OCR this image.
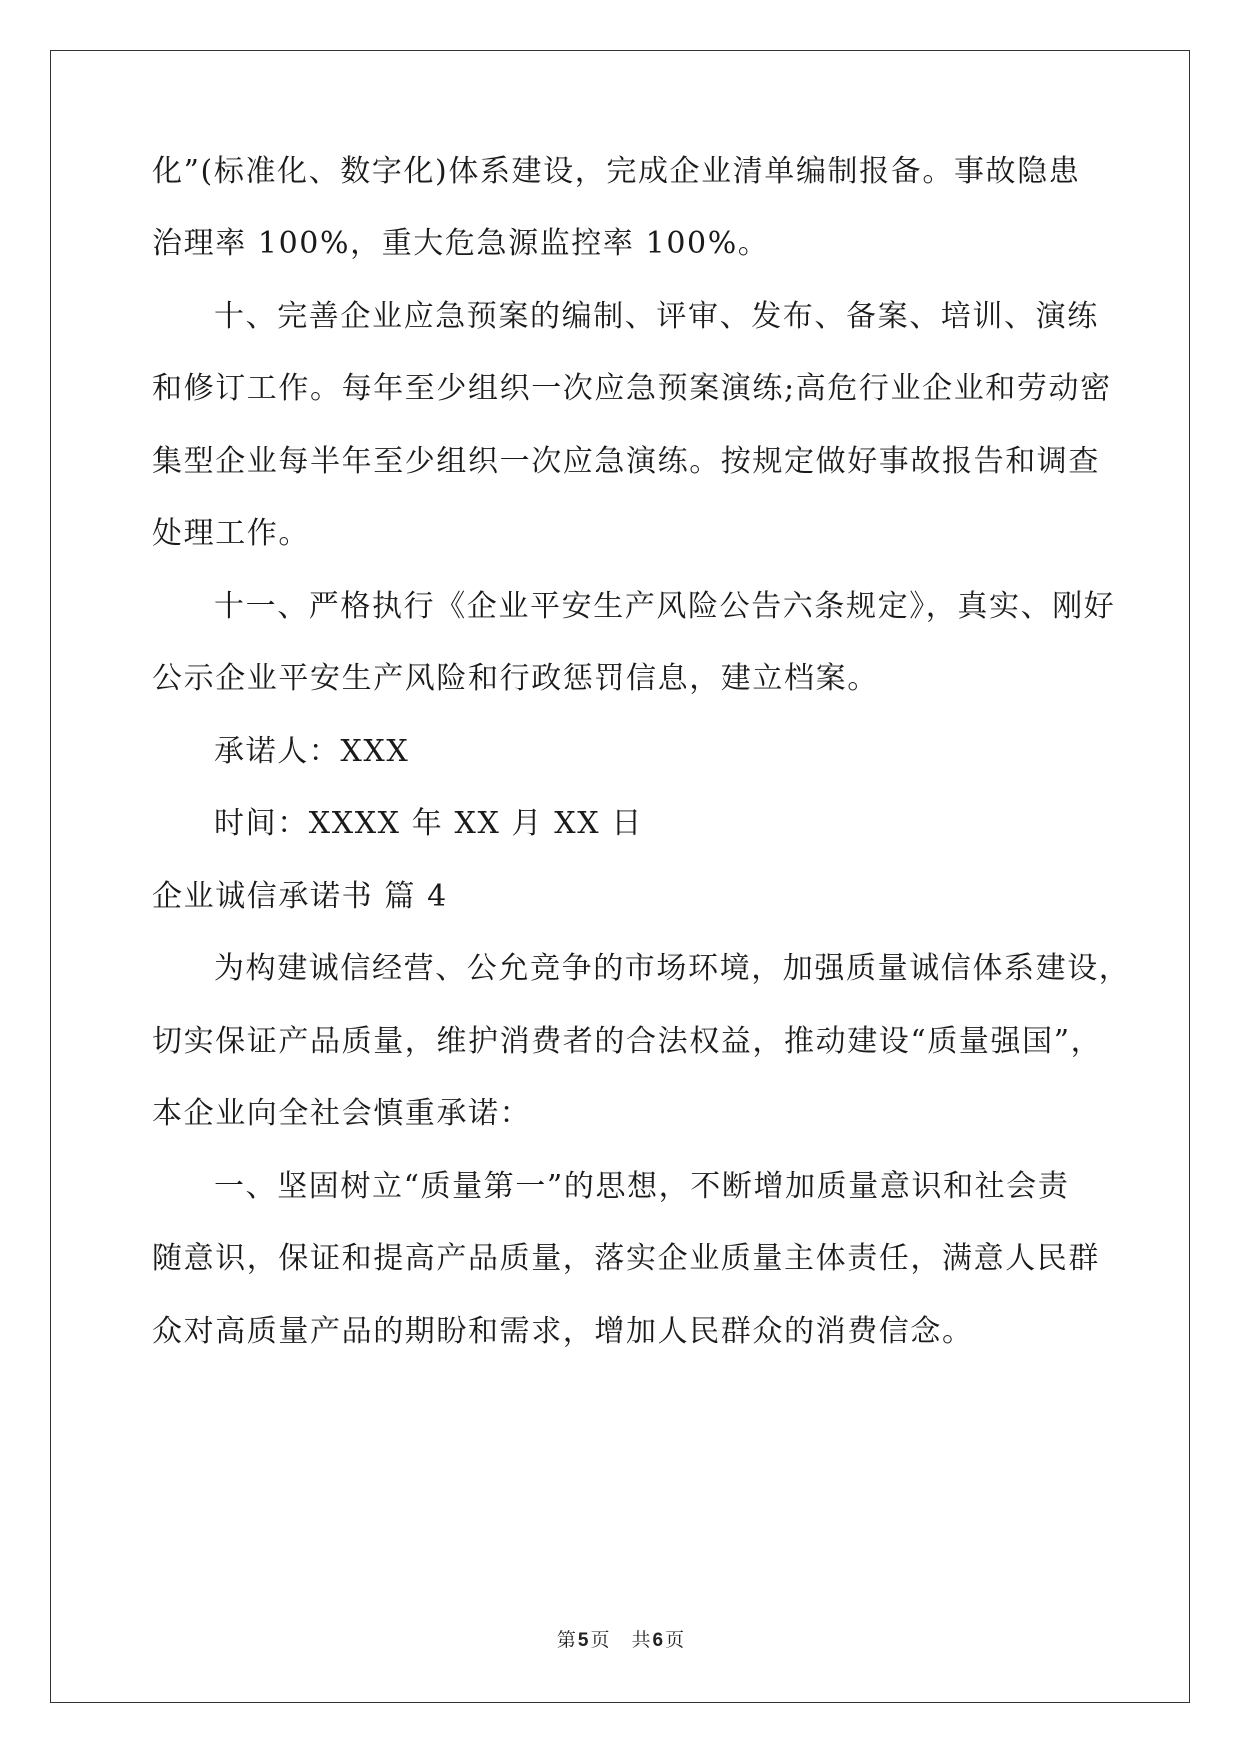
化”(标准化、数字化)体系建设，完成企业清单编制报备。事故隐患
治理率 100%，重大危急源监控率 100%。
十、完善企业应急预案的编制、评审、发布、备案、培训、演练
和修订工作。每年至少组织一次应急预案演练;高危行业企业和劳动密
集型企业每半年至少组织一次应急演练。按规定做好事故报告和调查
处理工作。
十一、严格执行《企业平安生产风险公告六条规定》，真实、刚好
公示企业平安生产风险和行政惩罚信息，建立档案。
承诺人：XXX
时间：XXXX 年 XX 月 XX 日
企业诚信承诺书 篇 4
为构建诚信经营、公允竞争的市场环境，加强质量诚信体系建设，
切实保证产品质量，维护消费者的合法权益，推动建设“质量强国”，
本企业向全社会慎重承诺：
一、坚固树立“质量第一”的思想，不断增加质量意识和社会责
随意识，保证和提高产品质量，落实企业质量主体责任，满意人民群
众对高质量产品的期盼和需求，增加人民群众的消费信念。
第 5 页 共 6 页
